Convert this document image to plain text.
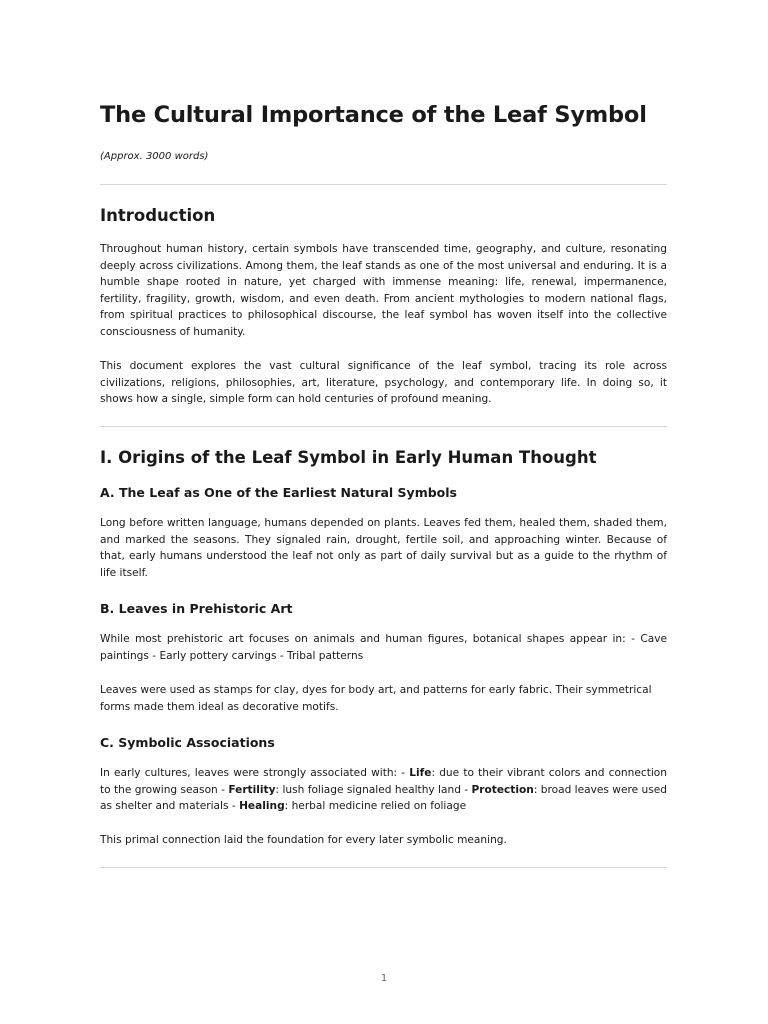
The Cultural Importance of the Leaf Symbol
(Approx. 3000 words)
Introduction

Throughout human history, certain symbols have transcended time, geography, and culture, resonating deeply across civilizations. Among them, the leaf stands as one of the most universal and enduring. It is a humble shape rooted in nature, yet charged with immense meaning: life, renewal, impermanence, fertility, fragility, growth, wisdom, and even death. From ancient mythologies to modern national flags, from spiritual practices to philosophical discourse, the leaf symbol has woven itself into the collective consciousness of humanity.

This document explores the vast cultural significance of the leaf symbol, tracing its role across civilizations, religions, philosophies, art, literature, psychology, and contemporary life. In doing so, it shows how a single, simple form can hold centuries of profound meaning.

I. Origins of the Leaf Symbol in Early Human Thought
A. The Leaf as One of the Earliest Natural Symbols

Long before written language, humans depended on plants. Leaves fed them, healed them, shaded them, and marked the seasons. They signaled rain, drought, fertile soil, and approaching winter. Because of that, early humans understood the leaf not only as part of daily survival but as a guide to the rhythm of life itself.

B. Leaves in Prehistoric Art

While most prehistoric art focuses on animals and human figures, botanical shapes appear in: - Cave paintings - Early pottery carvings - Tribal patterns

Leaves were used as stamps for clay, dyes for body art, and patterns for early fabric. Their symmetrical forms made them ideal as decorative motifs.

C. Symbolic Associations

In early cultures, leaves were strongly associated with: - Life: due to their vibrant colors and connection to the growing season - Fertility: lush foliage signaled healthy land - Protection: broad leaves were used as shelter and materials - Healing: herbal medicine relied on foliage

This primal connection laid the foundation for every later symbolic meaning.

1
